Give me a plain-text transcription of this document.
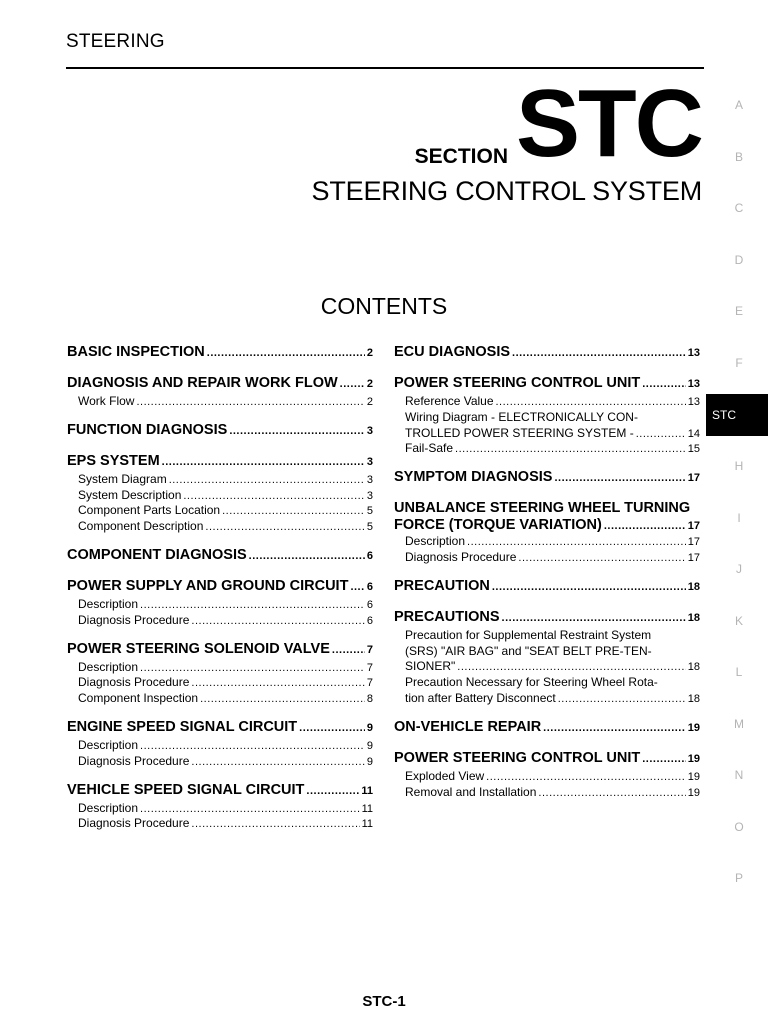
STEERING
SECTION STC
STEERING CONTROL SYSTEM
CONTENTS
A
B
C
D
E
F
STC
H
I
J
K
L
M
N
O
P
BASIC INSPECTION .....	2
DIAGNOSIS AND REPAIR WORK FLOW .....	2
Work Flow .....	2
FUNCTION DIAGNOSIS .....	3
EPS SYSTEM .....	3
System Diagram .....	3
System Description .....	3
Component Parts Location .....	5
Component Description .....	5
COMPONENT DIAGNOSIS .....	6
POWER SUPPLY AND GROUND CIRCUIT ..... 6
Description .....	6
Diagnosis Procedure .....	6
POWER STEERING SOLENOID VALVE .....	7
Description .....	7
Diagnosis Procedure .....	7
Component Inspection .....	8
ENGINE SPEED SIGNAL CIRCUIT .....	9
Description .....	9
Diagnosis Procedure .....	9
VEHICLE SPEED SIGNAL CIRCUIT .....	11
Description .....	11
Diagnosis Procedure .....	11
ECU DIAGNOSIS .....	13
POWER STEERING CONTROL UNIT .....	13
Reference Value .....	13
Wiring Diagram - ELECTRONICALLY CON-
TROLLED POWER STEERING SYSTEM - .....	14
Fail-Safe .....	15
SYMPTOM DIAGNOSIS .....	17
UNBALANCE STEERING WHEEL TURNING
FORCE (TORQUE VARIATION) .....	17
Description .....	17
Diagnosis Procedure .....	17
PRECAUTION .....	18
PRECAUTIONS .....	18
Precaution for Supplemental Restraint System
(SRS) "AIR BAG" and "SEAT BELT PRE-TEN-
SIONER" .....	18
Precaution Necessary for Steering Wheel Rota-
tion after Battery Disconnect .....	18
ON-VEHICLE REPAIR .....	19
POWER STEERING CONTROL UNIT .....	19
Exploded View .....	19
Removal and Installation .....	19
STC-1
